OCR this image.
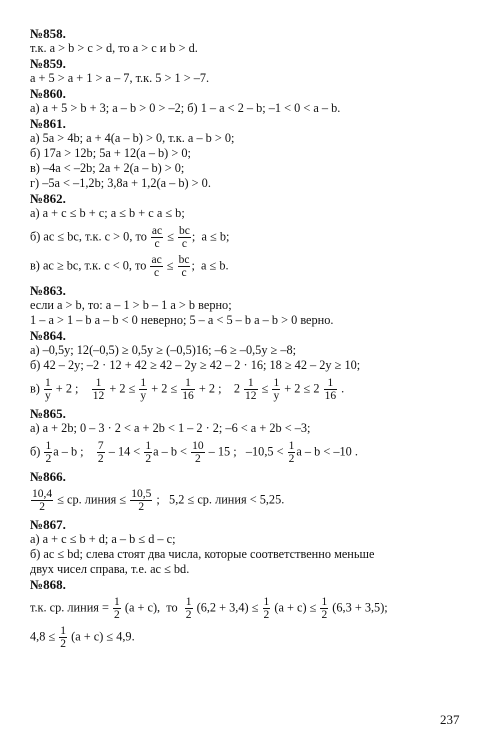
№858.
т.к. a > b > c > d, то a > c и b > d.
№859.
a + 5 > a + 1 > a – 7, т.к. 5 > 1 > –7.
№860.
а) a + 5 > b + 3; a – b > 0 > –2; б) 1 – a < 2 – b; –1 < 0 < a – b.
№861.
а) 5a > 4b; a + 4(a – b) > 0, т.к. a – b > 0;
б) 17a > 12b; 5a + 12(a – b) > 0;
в) –4a < –2b; 2a + 2(a – b) > 0;
г) –5a < –1,2b; 3,8a + 1,2(a – b) > 0.
№862.
а) a + c ≤ b + c; a ≤ b + c a ≤ b;
б) ac ≤ bc, т.к. c > 0, то $\frac{ac}{c} \le \frac{bc}{c}$ ;  a ≤ b;
в) ac ≥ bc, т.к. c < 0, то $\frac{ac}{c} \le \frac{bc}{c}$ ;  a ≤ b.
№863.
если a > b, то: a – 1 > b – 1 a > b верно;
1 – a > 1 – b a – b < 0 неверно; 5 – a < 5 – b a – b > 0 верно.
№864.
а) –0,5y; 12(–0,5) ≥ 0,5y ≥ (–0,5)16; –6 ≥ –0,5y ≥ –8;
б) 42 – 2y; –2 · 12 + 42 ≥ 42 – 2y ≥ 42 – 2 · 16; 18 ≥ 42 – 2y ≥ 10;
$в) \frac{1}{y} + 2$ ; $\frac{1}{12} + 2 \le \frac{1}{y} + 2 \le \frac{1}{16} + 2$ ;    $2 \frac{1}{12} \le \frac{1}{y} + 2 \le 2 \frac{1}{16}$ .
№865.
а) a + 2b; 0 – 3 · 2 < a + 2b < 1 – 2 · 2; –6 < a + 2b < –3;
$б) \frac{1}{2}$ a – b ; $\frac{7}{2} - 14 < \frac{1}{2}$ $a - b < \frac{10}{2} - 15$ ;   $-10,5 < \frac{1}{2}$ a – b < –10 .
№866.
$\frac{10,4}{2}$ ≤ ср. линия ≤ $\frac{10,5}{2}$ ;   5,2 ≤ ср. линия < 5,25.
№867.
а) a + c ≤ b + d; a – b ≤ d – c;
б) ac ≤ bd; слева стоят два числа, которые соответственно меньше
двух чисел справа, т.е. ac ≤ bd.
№868.
т.к. ср. линия = $\frac{1}{2} (a + c)$,  то $\frac{1}{2} (6,2 + 3,4) \le \frac{1}{2} (a + c) \le \frac{1}{2} (6,3 + 3,5)$;
$4,8 \le \frac{1}{2} (a + c) \le 4,9$.
237
